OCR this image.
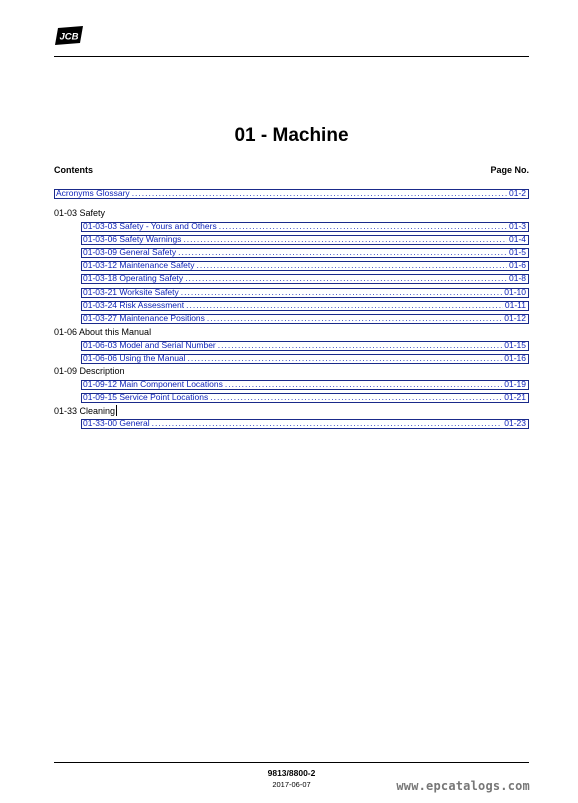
JCB
01 - Machine
Contents	Page No.
Acronyms Glossary .....	01-2
01-03 Safety
01-03-03 Safety - Yours and Others .....	01-3
01-03-06 Safety Warnings .....	01-4
01-03-09 General Safety .....	01-5
01-03-12 Maintenance Safety .....	01-6
01-03-18 Operating Safety .....	01-8
01-03-21 Worksite Safety .....	01-10
01-03-24 Risk Assessment .....	01-11
01-03-27 Maintenance Positions .....	01-12
01-06 About this Manual
01-06-03 Model and Serial Number .....	01-15
01-06-06 Using the Manual .....	01-16
01-09 Description
01-09-12 Main Component Locations .....	01-19
01-09-15 Service Point Locations .....	01-21
01-33 Cleaning
01-33-00 General .....	01-23
9813/8800-2
2017-06-07	www.epcatalogs.com
